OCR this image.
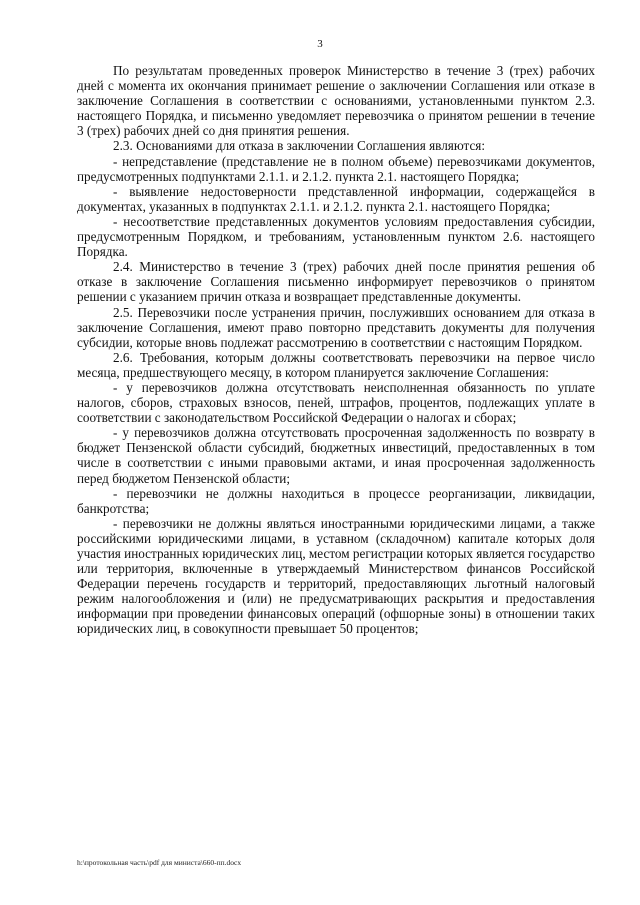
3

По результатам проведенных проверок Министерство в течение 3 (трех) рабочих дней с момента их окончания принимает решение о заключении Соглашения или отказе в заключение Соглашения в соответствии с основаниями, установленными пунктом 2.3. настоящего Порядка, и письменно уведомляет перевозчика о принятом решении в течение 3 (трех) рабочих дней со дня принятия решения.

2.3. Основаниями для отказа в заключении Соглашения являются:

- непредставление (представление не в полном объеме) перевозчиками документов, предусмотренных подпунктами 2.1.1. и 2.1.2. пункта 2.1. настоящего Порядка;

- выявление недостоверности представленной информации, содержащейся в документах, указанных в подпунктах 2.1.1. и 2.1.2. пункта 2.1. настоящего Порядка;

- несоответствие представленных документов условиям предоставления субсидии, предусмотренным Порядком, и требованиям, установленным пунктом 2.6. настоящего Порядка.

2.4. Министерство в течение 3 (трех) рабочих дней после принятия решения об отказе в заключение Соглашения письменно информирует перевозчиков о принятом решении с указанием причин отказа и возвращает представленные документы.

2.5. Перевозчики после устранения причин, послуживших основанием для отказа в заключение Соглашения, имеют право повторно представить документы для получения субсидии, которые вновь подлежат рассмотрению в соответствии с настоящим Порядком.

2.6. Требования, которым должны соответствовать перевозчики на первое число месяца, предшествующего месяцу, в котором планируется заключение Соглашения:

- у перевозчиков должна отсутствовать неисполненная обязанность по уплате налогов, сборов, страховых взносов, пеней, штрафов, процентов, подлежащих уплате в соответствии с законодательством Российской Федерации о налогах и сборах;

- у перевозчиков должна отсутствовать просроченная задолженность по возврату в бюджет Пензенской области субсидий, бюджетных инвестиций, предоставленных в том числе в соответствии с иными правовыми актами, и иная просроченная задолженность перед бюджетом Пензенской области;

- перевозчики не должны находиться в процессе реорганизации, ликвидации, банкротства;

- перевозчики не должны являться иностранными юридическими лицами, а также российскими юридическими лицами, в уставном (складочном) капитале которых доля участия иностранных юридических лиц, местом регистрации которых является государство или территория, включенные в утверждаемый Министерством финансов Российской Федерации перечень государств и территорий, предоставляющих льготный налоговый режим налогообложения и (или) не предусматривающих раскрытия и предоставления информации при проведении финансовых операций (офшорные зоны) в отношении таких юридических лиц, в совокупности превышает 50 процентов;

h:\протокольная часть\pdf для министа\660-пп.docx
